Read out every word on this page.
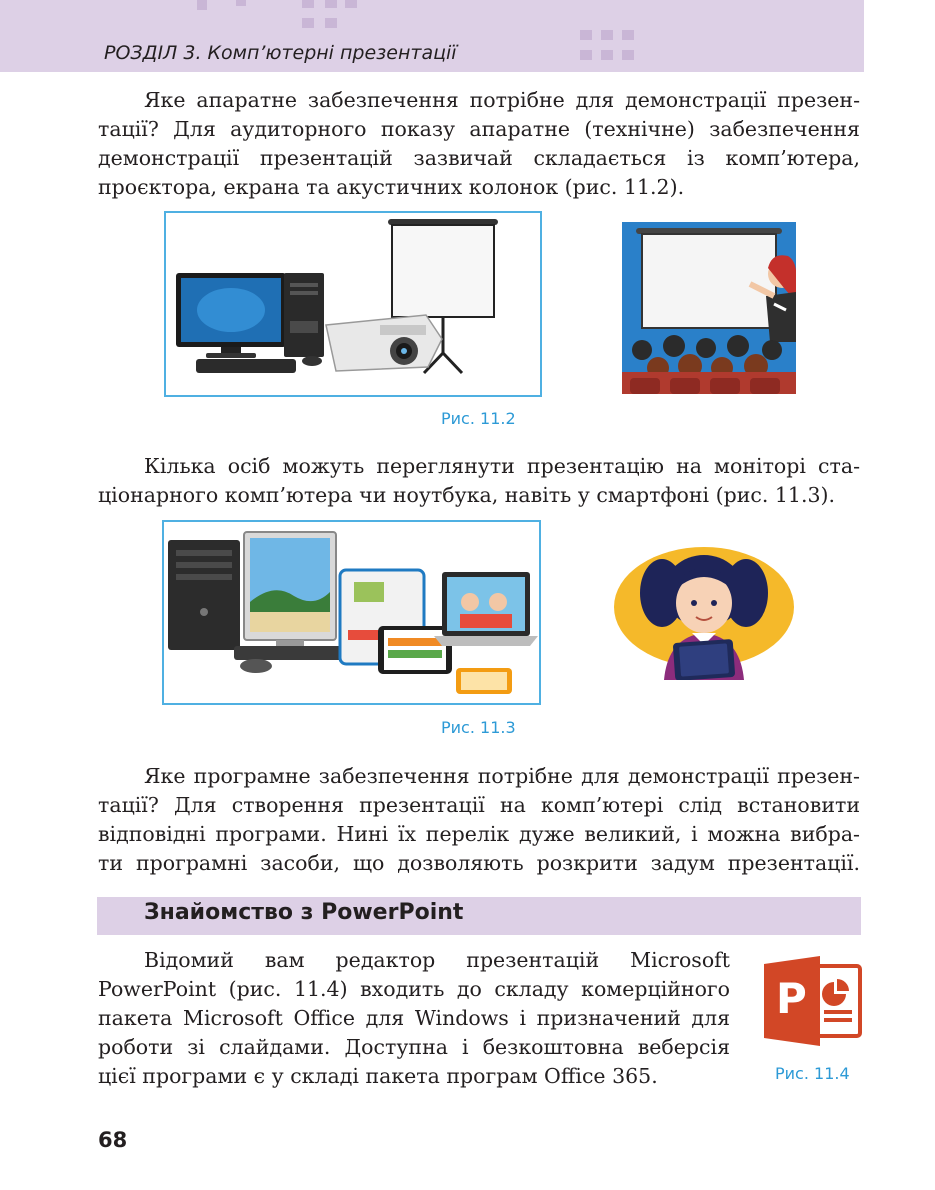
РОЗДІЛ 3. Комп’ютерні презентації
Яке апаратне забезпечення потрібне для демонстрації презен-
тації? Для аудиторного показу апаратне (технічне) забезпечення
демонстрації презентацій зазвичай складається із комп’ютера,
проєктора, екрана та акустичних колонок (рис. 11.2).
Рис. 11.2
Кілька осіб можуть переглянути презентацію на моніторі ста-
ціонарного комп’ютера чи ноутбука, навіть у смартфоні (рис. 11.3).
Рис. 11.3
Яке програмне забезпечення потрібне для демонстрації презен-
тації? Для створення презентації на комп’ютері слід встановити
відповідні програми. Нині їх перелік дуже великий, і можна вибра-
ти програмні засоби, що дозволяють розкрити задум презентації.
Знайомство з PowerPoint
Відомий вам редактор презентацій Microsoft
PowerPoint (рис. 11.4) входить до складу комерційного
пакета Microsoft Office для Windows і призначений для
роботи зі слайдами. Доступна і безкоштовна веберсія
цієї програми є у складі пакета програм Office 365.
P
Рис. 11.4
68
